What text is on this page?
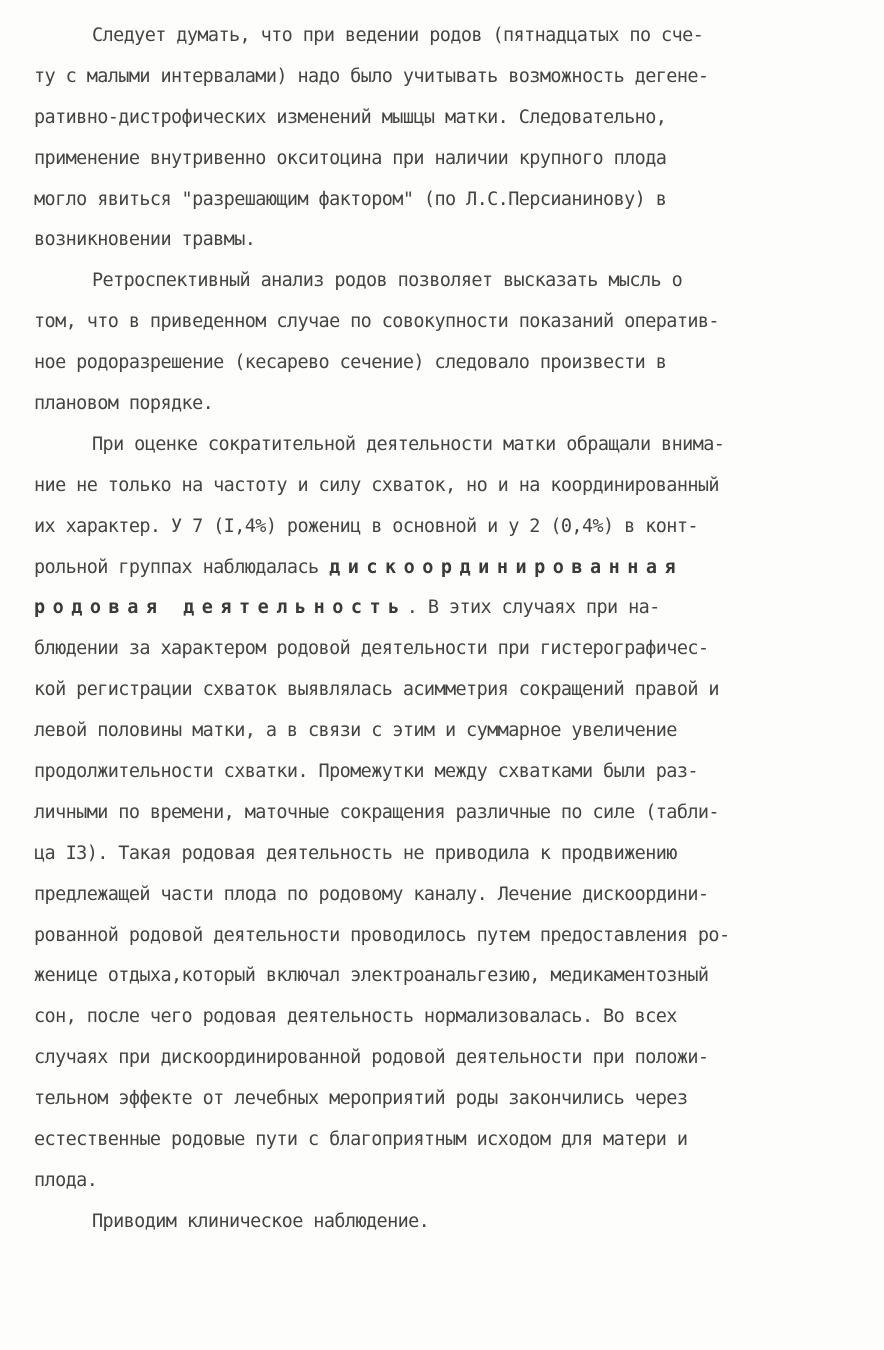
Следует думать, что при ведении родов (пятнадцатых по сче-
ту с малыми интервалами) надо было учитывать возможность дегене-
ративно-дистрофических изменений мышцы матки. Следовательно,
применение внутривенно окситоцина при наличии крупного плода
могло явиться "разрешающим фактором" (по Л.С.Персианинову) в
возникновении травмы.
Ретроспективный анализ родов позволяет высказать мысль о
том, что в приведенном случае по совокупности показаний оператив-
ное родоразрешение (кесарево сечение) следовало произвести в
плановом порядке.
При оценке сократительной деятельности матки обращали внима-
ние не только на частоту и силу схваток, но и на координированный
их характер. У 7 (I,4%) рожениц в основной и у 2 (0,4%) в конт-
рольной группах наблюдалась дискоординированная
родовая деятельность. В этих случаях при на-
блюдении за характером родовой деятельности при гистерографичес-
кой регистрации схваток выявлялась асимметрия сокращений правой и
левой половины матки, а в связи с этим и суммарное увеличение
продолжительности схватки. Промежутки между схватками были раз-
личными по времени, маточные сокращения различные по силе (табли-
ца I3). Такая родовая деятельность не приводила к продвижению
предлежащей части плода по родовому каналу. Лечение дискоордини-
рованной родовой деятельности проводилось путем предоставления ро-
женице отдыха,который включал электроанальгезию, медикаментозный
сон, после чего родовая деятельность нормализовалась. Во всех
случаях при дискоординированной родовой деятельности при положи-
тельном эффекте от лечебных мероприятий роды закончились через
естественные родовые пути с благоприятным исходом для матери и
плода.
Приводим клиническое наблюдение.
